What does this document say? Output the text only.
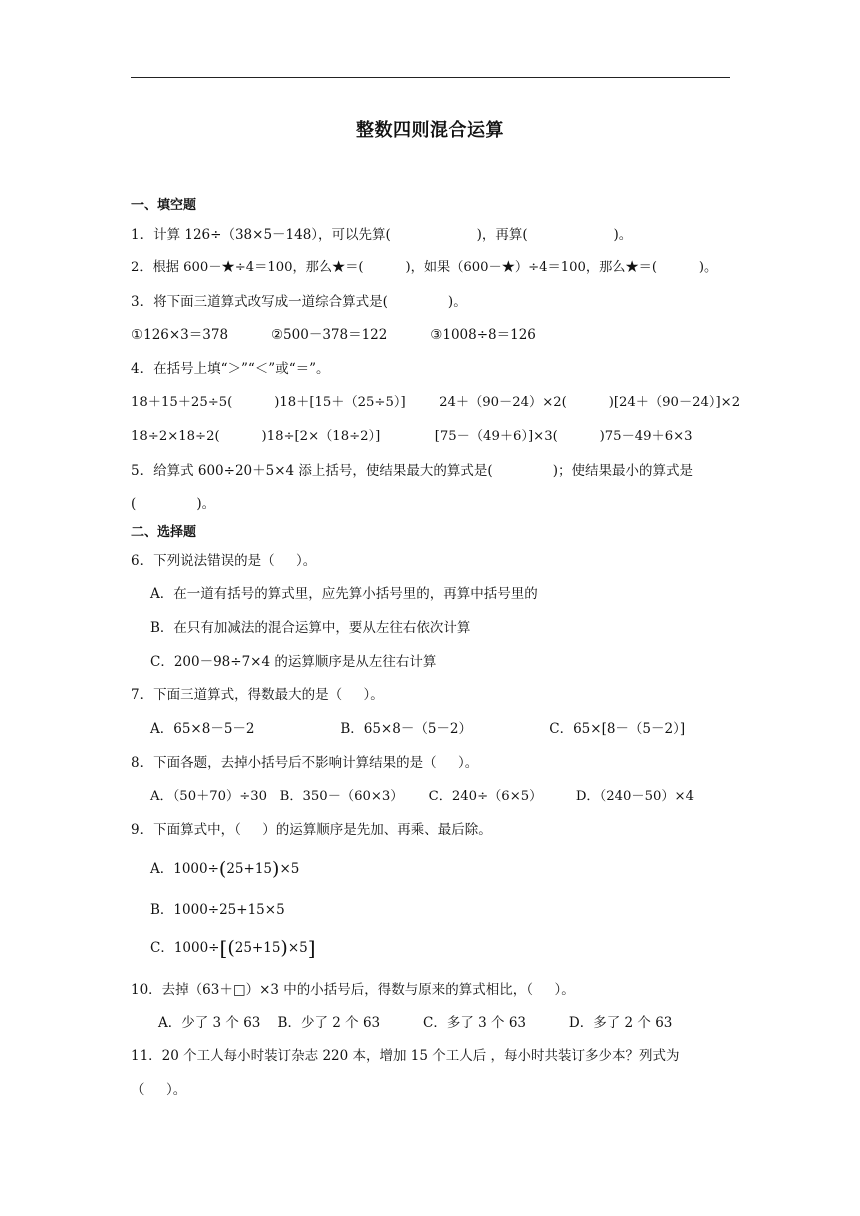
整数四则混合运算
一、填空题
1．计算 126÷（38×5－148），可以先算(                    )，再算(                    )。
2．根据 600－★÷4＝100，那么★＝(          )，如果（600－★）÷4＝100，那么★＝(          )。
3．将下面三道算式改写成一道综合算式是(              )。
①126×3＝378          ②500－378＝122          ③1008÷8＝126
4．在括号上填“＞”“＜”或“＝”。
18＋15＋25÷5(          )18＋[15＋（25÷5）]        24＋（90－24）×2(          )[24＋（90－24）]×2
18÷2×18÷2(          )18÷[2×（18÷2）]             [75－（49＋6）]×3(          )75－49＋6×3
5．给算式 600÷20＋5×4 添上括号，使结果最大的算式是(              )；使结果最小的算式是
(              )。
二、选择题
6．下列说法错误的是（     ）。
A．在一道有括号的算式里，应先算小括号里的，再算中括号里的
B．在只有加减法的混合运算中，要从左往右依次计算
C．200－98÷7×4 的运算顺序是从左往右计算
7．下面三道算式，得数最大的是（     ）。
A．65×8－5－2                    B．65×8－（5－2）                  C．65×[8－（5－2）]
8．下面各题，去掉小括号后不影响计算结果的是（     ）。
A．（50＋70）÷30   B．350－（60×3）      C．240÷（6×5）        D．（240－50）×4
9．下面算式中，（     ）的运算顺序是先加、再乘、最后除。
A．1000÷(25+15)×5
B．1000÷25+15×5
C．1000÷[(25+15)×5]
10．去掉（63＋□）×3 中的小括号后，得数与原来的算式相比，（     ）。
A．少了 3 个 63    B．少了 2 个 63          C．多了 3 个 63          D．多了 2 个 63
11．20 个工人每小时装订杂志 220 本，增加 15 个工人后 ，每小时共装订多少本？列式为
（     ）。
